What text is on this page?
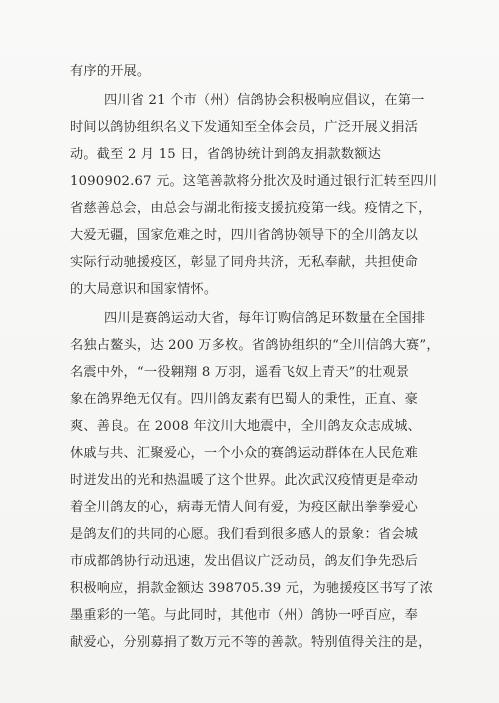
有序的开展。
四川省 21 个市（州）信鸽协会积极响应倡议，在第一
时间以鸽协组织名义下发通知至全体会员，广泛开展义捐活
动。截至 2 月 15 日，省鸽协统计到鸽友捐款数额达
1090902.67 元。这笔善款将分批次及时通过银行汇转至四川
省慈善总会，由总会与湖北衔接支援抗疫第一线。疫情之下，
大爱无疆，国家危难之时，四川省鸽协领导下的全川鸽友以
实际行动驰援疫区，彰显了同舟共济，无私奉献，共担使命
的大局意识和国家情怀。
四川是赛鸽运动大省，每年订购信鸽足环数量在全国排
名独占鳌头，达 200 万多枚。省鸽协组织的“全川信鸽大赛”，
名震中外，“一役翱翔 8 万羽，遥看飞奴上青天”的壮观景
象在鸽界绝无仅有。四川鸽友素有巴蜀人的秉性，正直、豪
爽、善良。在 2008 年汶川大地震中，全川鸽友众志成城、
休戚与共、汇聚爱心，一个小众的赛鸽运动群体在人民危难
时迸发出的光和热温暖了这个世界。此次武汉疫情更是牵动
着全川鸽友的心，病毒无情人间有爱，为疫区献出拳拳爱心
是鸽友们的共同的心愿。我们看到很多感人的景象：省会城
市成都鸽协行动迅速，发出倡议广泛动员，鸽友们争先恐后
积极响应，捐款金额达 398705.39 元，为驰援疫区书写了浓
墨重彩的一笔。与此同时，其他市（州）鸽协一呼百应，奉
献爱心，分别募捐了数万元不等的善款。特别值得关注的是，
